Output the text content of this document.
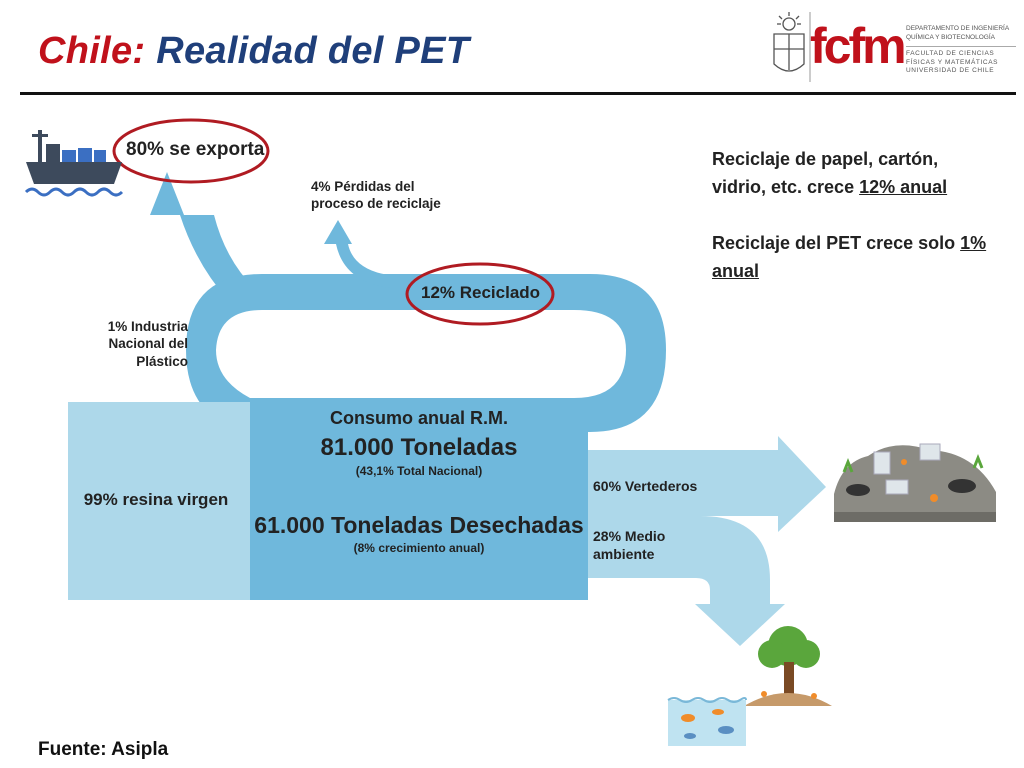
Chile: Realidad del PET	fcfm DEPARTAMENTO DE INGENIERÍA
QUÍMICA Y BIOTECNOLOGÍA
FACULTAD DE CIENCIAS
FÍSICAS Y MATEMÁTICAS
UNIVERSIDAD DE CHILE
80% se exporta
4% Pérdidas del
proceso de reciclaje
12% Reciclado
1% Industria
Nacional del
Plástico
99% resina virgen
Consumo anual R.M.
81.000 Toneladas
(43,1% Total Nacional)
61.000 Toneladas Desechadas
(8% crecimiento anual)
60% Vertederos
28% Medio
ambiente
Reciclaje de papel, cartón,
vidrio, etc. crece 12% anual
Reciclaje del PET crece solo 1%
anual
Fuente: Asipla
